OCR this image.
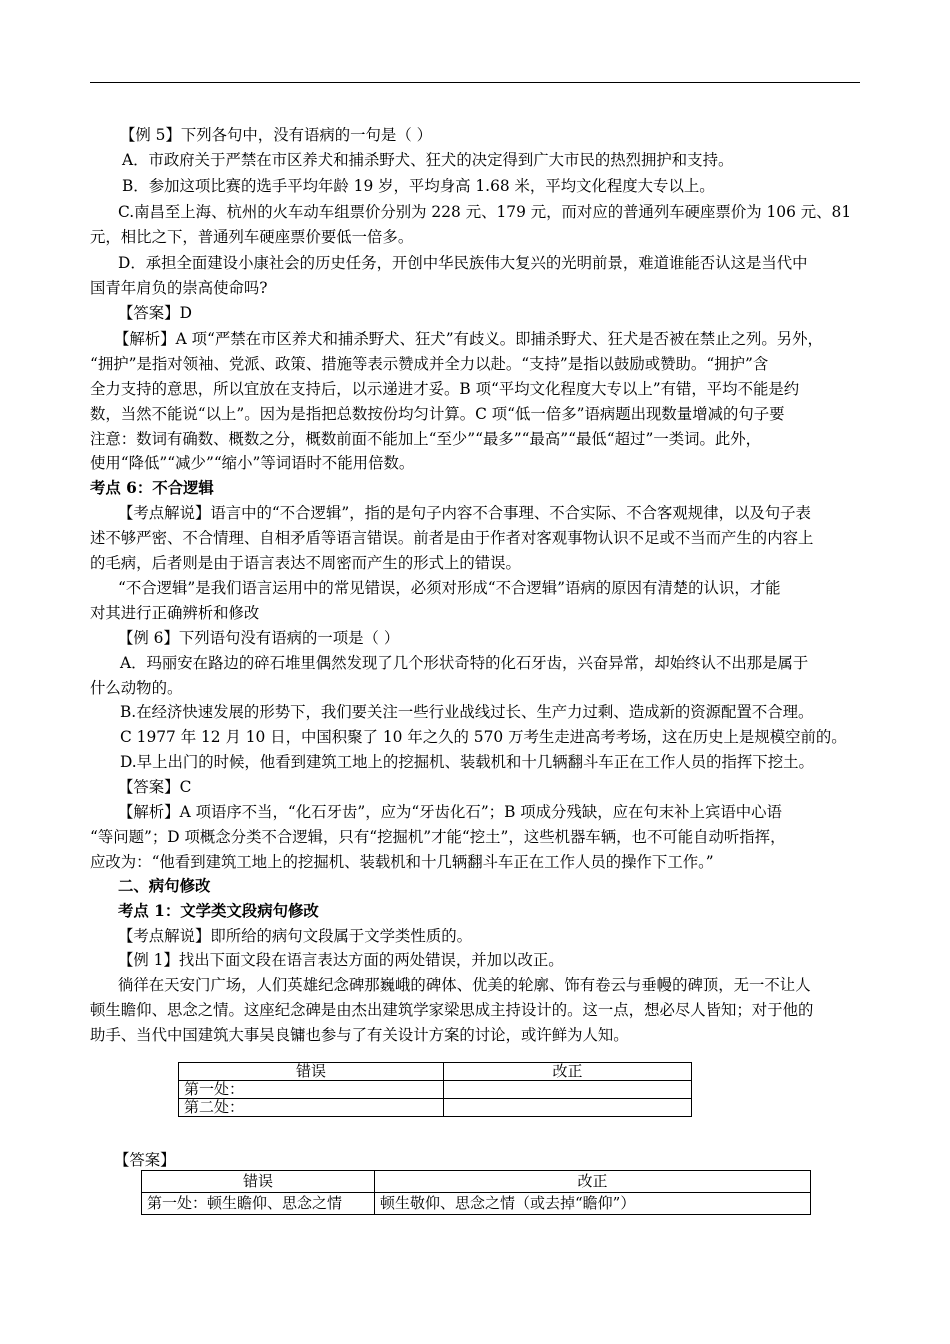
【例 5】下列各句中，没有语病的一句是（ ）
A．市政府关于严禁在市区养犬和捕杀野犬、狂犬的决定得到广大市民的热烈拥护和支持。
B．参加这项比赛的选手平均年龄 19 岁，平均身高 1.68 米，平均文化程度大专以上。
C.南昌至上海、杭州的火车动车组票价分别为 228 元、179 元，而对应的普通列车硬座票价为 106 元、81
元，相比之下，普通列车硬座票价要低一倍多。
D．承担全面建设小康社会的历史任务，开创中华民族伟大复兴的光明前景，难道谁能否认这是当代中
国青年肩负的崇高使命吗?
【答案】D
【解析】A 项“严禁在市区养犬和捕杀野犬、狂犬”有歧义。即捕杀野犬、狂犬是否被在禁止之列。另外，
“拥护”是指对领袖、党派、政策、措施等表示赞成并全力以赴。“支持”是指以鼓励或赞助。“拥护”含
全力支持的意思，所以宜放在支持后，以示递进才妥。B 项“平均文化程度大专以上”有错，平均不能是约
数，当然不能说“以上”。因为是指把总数按份均匀计算。C 项“低一倍多”语病题出现数量增减的句子要
注意：数词有确数、概数之分，概数前面不能加上“至少”“最多”“最高”“最低“超过”一类词。此外，
使用“降低”“减少”“缩小”等词语时不能用倍数。
考点 6：不合逻辑
【考点解说】语言中的“不合逻辑”，指的是句子内容不合事理、不合实际、不合客观规律，以及句子表
述不够严密、不合情理、自相矛盾等语言错误。前者是由于作者对客观事物认识不足或不当而产生的内容上
的毛病，后者则是由于语言表达不周密而产生的形式上的错误。
“不合逻辑”是我们语言运用中的常见错误，必须对形成“不合逻辑”语病的原因有清楚的认识，才能
对其进行正确辨析和修改
【例 6】下列语句没有语病的一项是（ ）
A．玛丽安在路边的碎石堆里偶然发现了几个形状奇特的化石牙齿，兴奋异常，却始终认不出那是属于
什么动物的。
B.在经济快速发展的形势下，我们要关注一些行业战线过长、生产力过剩、造成新的资源配置不合理。
C 1977 年 12 月 10 日，中国积聚了 10 年之久的 570 万考生走进高考考场，这在历史上是规模空前的。
D.早上出门的时候，他看到建筑工地上的挖掘机、装载机和十几辆翻斗车正在工作人员的指挥下挖土。
【答案】C
【解析】A 项语序不当，“化石牙齿”，应为“牙齿化石”；B 项成分残缺，应在句末补上宾语中心语
“等问题”；D 项概念分类不合逻辑，只有“挖掘机”才能“挖土”，这些机器车辆，也不可能自动听指挥，
应改为：“他看到建筑工地上的挖掘机、装载机和十几辆翻斗车正在工作人员的操作下工作。”
二、病句修改
考点 1：文学类文段病句修改
【考点解说】即所给的病句文段属于文学类性质的。
【例 1】找出下面文段在语言表达方面的两处错误，并加以改正。
徜徉在天安门广场，人们英雄纪念碑那巍峨的碑体、优美的轮廓、饰有卷云与垂幔的碑顶，无一不让人
顿生瞻仰、思念之情。这座纪念碑是由杰出建筑学家梁思成主持设计的。这一点，想必尽人皆知；对于他的
助手、当代中国建筑大事吴良镛也参与了有关设计方案的讨论，或许鲜为人知。
错误	改正
第一处：	
第二处：	
【答案】
错误	改正
第一处：顿生瞻仰、思念之情	顿生敬仰、思念之情（或去掉“瞻仰”）
